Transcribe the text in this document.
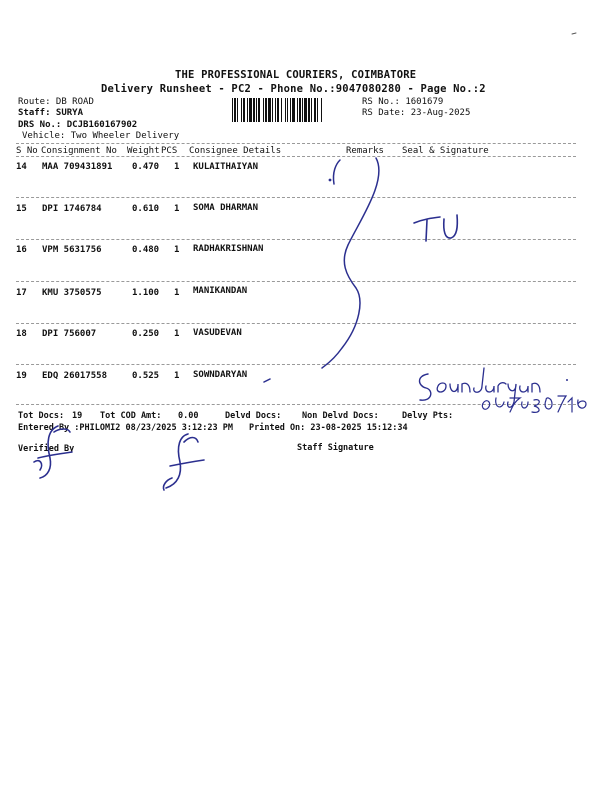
THE PROFESSIONAL COURIERS, COIMBATORE
Delivery Runsheet - PC2 - Phone No.:9047080280 - Page No.:2
Route: DB ROAD
Staff: SURYA
DRS No.: DCJB160167902
Vehicle: Two Wheeler Delivery
RS No.: 1601679
RS Date: 23-Aug-2025
S No Consignment No Weight PCS Consignee Details	Remarks Seal & Signature
14 MAA 709431891 0.470 1 KULAITHAIYAN
15 DPI 1746784	0.610 1 SOMA DHARMAN
16 VPM 5631756	0.480 1 RADHAKRISHNAN
17 KMU 3750575	1.100 1 MANIKANDAN
18 DPI 756007	0.250 1 VASUDEVAN
19 EDQ 26017558	0.525 1 SOWNDARYAN
Tot Docs: 19 Tot COD Amt: 0.00	Delvd Docs: Non Delvd Docs:	Delvy Pts:
Entered By :PHILOMI2 08/23/2025 3:12:23 PM Printed On: 23-08-2025 15:12:34
Verified By	Staff Signature
